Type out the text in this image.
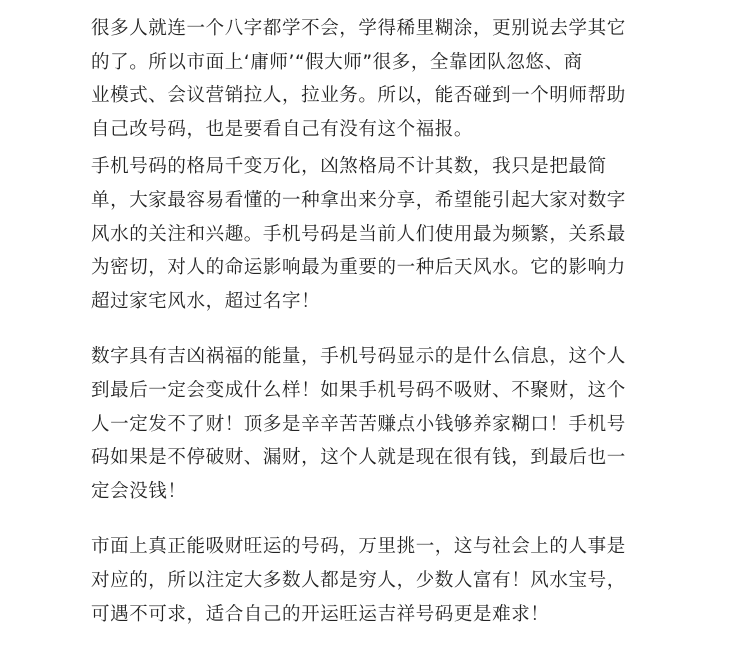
很多人就连一个八字都学不会，学得稀里糊涂，更别说去学其它
的了。所以市面上‘庸师’“假大师”很多，全靠团队忽悠、商
业模式、会议营销拉人，拉业务。所以，能否碰到一个明师帮助
自己改号码，也是要看自己有没有这个福报。

手机号码的格局千变万化，凶煞格局不计其数，我只是把最简
单，大家最容易看懂的一种拿出来分享，希望能引起大家对数字
风水的关注和兴趣。手机号码是当前人们使用最为频繁，关系最
为密切，对人的命运影响最为重要的一种后天风水。它的影响力
超过家宅风水，超过名字！

数字具有吉凶祸福的能量，手机号码显示的是什么信息，这个人
到最后一定会变成什么样！如果手机号码不吸财、不聚财，这个
人一定发不了财！顶多是辛辛苦苦赚点小钱够养家糊口！手机号
码如果是不停破财、漏财，这个人就是现在很有钱，到最后也一
定会没钱！

市面上真正能吸财旺运的号码，万里挑一，这与社会上的人事是
对应的，所以注定大多数人都是穷人，少数人富有！风水宝号，
可遇不可求，适合自己的开运旺运吉祥号码更是难求！
